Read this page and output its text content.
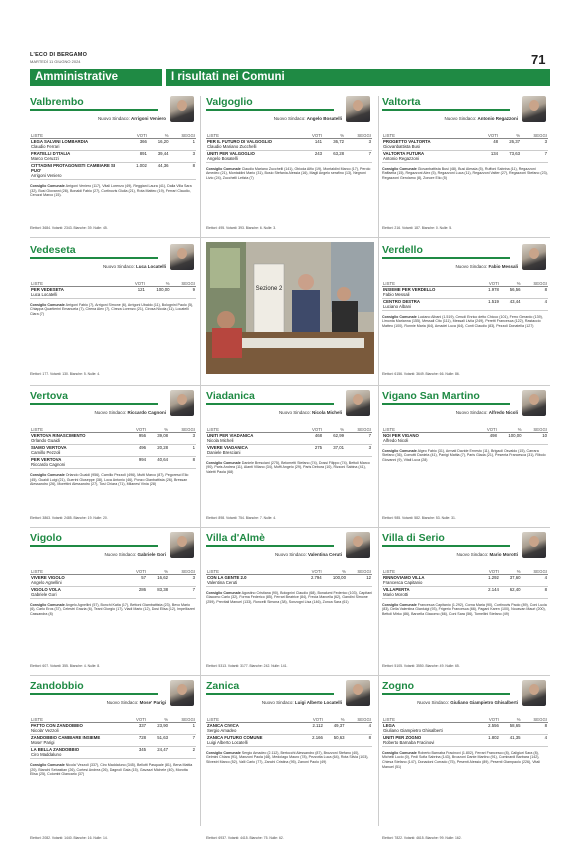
L'ECO DI BERGAMO
MARTEDÌ 11 GIUGNO 2024	71
Amministrative	I risultati nei Comuni
Sezione 2
Valbrembo
Nuovo Sindaco: Arrigoni Veniero
LISTE	VOTI	%	SEGGI

LEGA SALVINI LOMBARDIA
Claudio Ferrari	366	16,20	1

FRATELLI D'ITALIA
Marco Ceruzzi	891	39,44	3

CITTADINI PROTAGONISTI CAMBIARE SI PUO'
Arrigoni Veniero	1.002	44,36	8
Consiglio Comunale Arrigoni Veniero (117), Vitali Lorenzo (49), Reggiani Laura (41), Dalla Villa Sara (32), Busi Giovanni (28), Bonaldi Fabio (27), Cortinovis Giulia (21), Rota Matteo (19), Ferrari Claudio, Ceruzzi Marco (15).
Elettori: 3684. Votanti: 2343. Bianche: 39. Nulle: 45.
Valgoglio
Nuovo Sindaco: Angelo Bosatelli
LISTE	VOTI	%	SEGGI

PER IL FUTURO DI VALGOGLIO
Claudio Mariano Zucchelli	141	36,72	3

UNITI PER VALGOGLIO
Angelo Bosatelli	243	63,28	7
Consiglio Comunale Claudio Mariano Zucchelli (141), Obioda Alfio (19), Montaldini Marco (17), Perolo Amedeo (21), Montaldini Mario (31), Bosio Stefania Alessia (16), Magli Angelo serafino (13), Negroni Livio (24), Zucchelli Letizia (7)
Elettori: 495. Votanti: 393. Bianche: 6. Nulle: 3.
Valtorta
Nuovo Sindaco: Antonio Regazzoni
LISTE	VOTI	%	SEGGI

PROGETTO VALTORTA
Giovanbattista Busi	48	26,37	3

VALTORTA FUTURA
Antonio Regazzoni	134	73,63	7
Consiglio Comunale Giovanbattista Busi (48), Busi Alessia (5), Ruffoni Sabrina (11), Regazzoni Raffaella (15), Regazzoni Alex (5), Regazzoni Luca (11), Regazzoni Valter (27), Regazzoni Stefano (23), Regazzoni Gerolamo (8), Zonore Elio (5)
Elettori: 216. Votanti: 187. Bianche: 0. Nulle: 5.
Vedeseta
Nuovo Sindaco: Luca Locatelli
LISTE	VOTI	%	SEGGI

PER VEDESETA
Luca Locatelli	121	100,00	9
Consiglio Comunale Arrigoni Fabio (7), Arrigoni Simone (6), Arrigoni Ubaldo (11), Bolognini Paolo (5), Chiappa Quartierini Emanuela (7), Cirena Alex (7), Cireza Lorenzo (21), Cirosa Nicola (11), Locatelli Clara (7)
Elettori: 177. Votanti: 130. Bianche: 5. Nulle: 4.
Verdello
Nuovo Sindaco: Fabio Messali
LISTE	VOTI	%	SEGGI

INSIEME PER VERDELLO
Fabio Messali	1.978	56,56	8

CENTRO DESTRA
Luciano Albani	1.519	43,44	4
Consiglio Comunale Luciano Albani (1.519), Cerudi Enrico detto Chicco (101), Ferro Gerardo (139), Limonta Marianna (155), Messali Cito (111), Messali Liviia (249), Peretti Francesca (122), Rastaccio Matteo (100), Ronnie Maria (64), Amadei Luca (64), Conti Claudio (83), Pezzoli Donatella (127)
Elettori: 6156. Votanti: 3649. Bianche: 66. Nulle: 86.
Vertova
Nuovo Sindaco: Riccardo Cagnoni
LISTE	VOTI	%	SEGGI

VERTOVA RINASCIMENTO
Orlando Guaidi	956	39,08	3

SIAMO VERTOVA
Camillo Pezzoli	496	20,28	1

PER VERTOVA
Riccardo Cagnoni	994	40,64	8
Consiglio Comunale Orlando Guaidi (956), Camillo Pezzoli (496), Mutti Marco (87), Pegoresci Elio (45), Guaidi Luigi (21), Guerini Giuseppe (38), Loca Antonio (46), Ponzo Gianbattista (26), Bressan Alessandro (26), Morettini Alessandro (27), Tosi Chiara (71), Milanesi Vinia (28)
Elettori: 3863. Votanti: 2485. Bianche: 19. Nulle: 20.
Viadanica
Nuovo Sindaco: Nicola Micheli
LISTE	VOTI	%	SEGGI

UNITI PER VIADANICA
Nicola Micheli	468	62,99	7

VIVERE VIADANICA
Daniele Bresciani	275	37,01	3
Consiglio Comunale Daniele Bresciani (275), Belometti Stefano (74), Dossi Filippo (74), Bettoli Marco (90), Paris Andrea (11), Alanti Viliano (34), Moffi Angelo (29), Paris Debora (10), Rizzoni Sabina (41), Valetti Paola (68)
Elettori: 898. Votanti: 754. Bianche: 7. Nulle: 4.
Vigano San Martino
Nuovo Sindaco: Alfredo Nicoli
LISTE	VOTI	%	SEGGI

NOI PER VIGANO
Alfredo Nicoli	498	100,00	10
Consiglio Comunale Algeo Fabio (31), Armati Davide Ernesto (11), Brigaoli Osvaldo (15), Carrara Stefano (36), Comotti Daniela (41), Panigi Mattia (7), Paris Giada (21), Pesenta Francesca (31), Ribolo Giovanni (9), Vitali Luca (28)
Elettori: 985. Votanti: 582. Bianche: 53. Nulle: 31.
Vigolo
Nuovo Sindaco: Gabriele Gori
LISTE	VOTI	%	SEGGI

VIVERE VIGOLO
Angelo Agnellini	57	16,62	3

VIGOLO VOLA
Gabriele Gori	286	83,38	7
Consiglio Comunale Angelo Agnellini (57), Bonchi Katia (17), Bettoni Giambattista (23), Bevo Mario (6), Carlo Eros (37), Celestri Grazia (6), Teani Giorgio (17), Viadi Mario (12), Dosi Elisa (12), Impellizzeri Cassandra (8)
Elettori: 607. Votanti: 355. Bianche: 4. Nulle: 8.
Villa d'Almè
Nuovo Sindaco: Valentina Ceruti
LISTE	VOTI	%	SEGGI

CON LA GENTE 2.0
Valentina Ceruti	2.794	100,00	12
Consiglio Comunale Agostino Cristiana (90), Bolognini Claudio (68), Bonalumi Federico (103), Capitani Giacomo Carlo (32), Forma Federico (85), Ferrari Beatrice (84), Frecia Marcella (62), Gandini Simone (259), Previtali Manuel (133), Roncelli Simona (38), Sonzogni Lisa (146), Zonca Sara (61)
Elettori: 5313. Votanti: 3177. Bianche: 242. Nulle: 141.
Villa di Serio
Nuovo Sindaco: Mario Morotti
LISTE	VOTI	%	SEGGI

RINNOVIAMO VILLA
Francesca Capitanio	1.292	37,60	4

VILLAPERTA
Mario Morotti	2.144	62,40	8
Consiglio Comunale Francesca Capitanio (1.292), Corna Maria (90), Cortinovis Paolo (89), Coni Lucia (83), Della Valentina Gianluigi (93), Frigerio Francesca (66), Pagani Karen (100), Nousvan Mauri (200), Bettoli Mirko (86), Barcella Giacomo (66), Coni Sara (56), Tomellini Stefano (49)
Elettori: 5105. Votanti: 3550. Bianche: 49. Nulle: 65.
Zandobbio
Nuovo Sindaco: Mose' Parigi
LISTE	VOTI	%	SEGGI

PATTO CON ZANDOBBIO
Nicola' Vezzoli	337	23,90	1

ZANDOBBIO CAMBIARE INSIEME
Mose' Parigi	728	51,63	7

LA BELLA ZANDOBBIO
Ciro Maddaluno	345	24,47	2
Consiglio Comunale Nicola' Vezzoli (337), Ciro Maddaluno (345), Bellotti Pasquale (81), Bena Mattia (20), Bianchi Sebastian (26), Cortesi Andrea (26), Dagnoli Gaia (15), Gavazzi Michele (40), Morotta Elisa (25), Colombi Giancarlo (37)
Elettori: 2082. Votanti: 1440. Bianche: 16. Nulle: 14.
Zanica
Nuovo Sindaco: Luigi Alberto Locatelli
LISTE	VOTI	%	SEGGI

ZANICA CIVICA
Sergio Amadeo	2.112	49,37	4

ZANICA FUTURO COMUNE
Luigi Alberto Locatelli	2.166	50,63	8
Consiglio Comunale Sergio Amadeo (2.112), Bertocchi Alessandro (87), Brozzoni Stefano (40), Gelmini Chiara (91), Manzoni Paola (48), Medolago Mauro (78), Pezzotta Luca (64), Rota Silvia (103), Silvestri Marco (52), Valli Carlo (77), Zanchi Cristina (95), Zanoni Paolo (49)
Elettori: 6937. Votanti: 4415. Bianche: 75. Nulle: 62.
Zogno
Nuovo Sindaco: Giuliano Giampietro Ghisalberti
LISTE	VOTI	%	SEGGI

LEGA
Giuliano Giampietro Ghisalberti	2.556	58,65	8

UNITI PER ZOGNO
Roberto Barnaba Fracinovi	1.802	41,35	4
Consiglio Comunale Roberto Barnaba Fracinovi (1.802), Ferrari Francesco (8), Caligiuri Sara (8), Michelli Lucio (0), Fedi Sofia Sabrina (143), Brozzoni Dante Martino (91), Cominardi Barbara (142), Chiesa Stefano (147), Donadoni Corrado (75), Pesenti Alessio (89), Pesenti Giampaolo (226), Vitali Manuel (51)
Elettori: 7822. Votanti: 4615. Bianche: 99. Nulle: 162.
